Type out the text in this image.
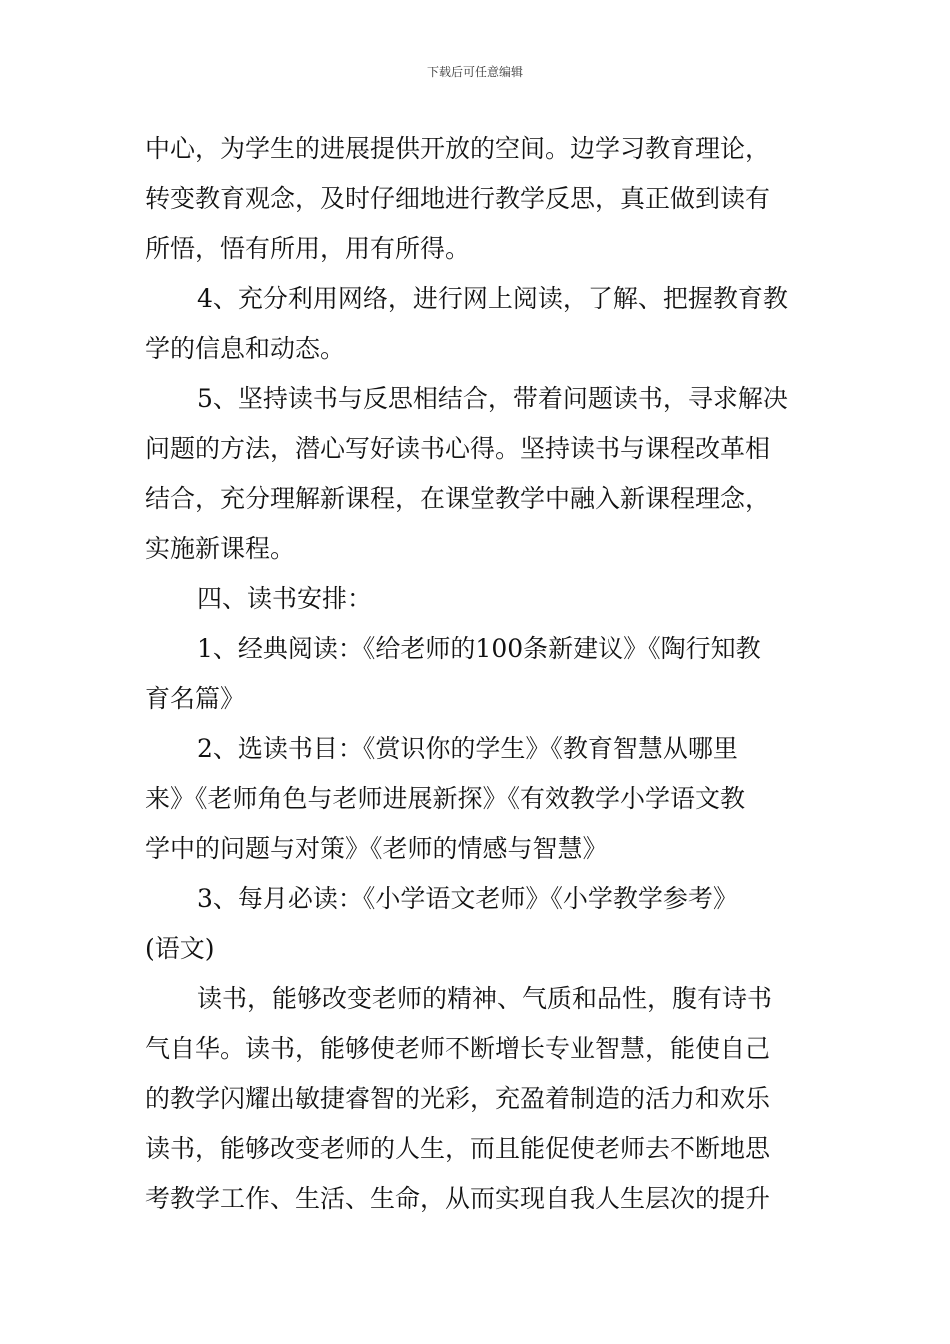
下载后可任意编辑
中心，为学生的进展提供开放的空间。边学习教育理论，
转变教育观念，及时仔细地进行教学反思，真正做到读有
所悟，悟有所用，用有所得。
4、充分利用网络，进行网上阅读，了解、把握教育教
学的信息和动态。
5、坚持读书与反思相结合，带着问题读书，寻求解决
问题的方法，潜心写好读书心得。坚持读书与课程改革相
结合，充分理解新课程，在课堂教学中融入新课程理念，
实施新课程。
四、读书安排：
1、经典阅读：《给老师的100条新建议》《陶行知教
育名篇》
2、选读书目：《赏识你的学生》《教育智慧从哪里
来》《老师角色与老师进展新探》《有效教学小学语文教
学中的问题与对策》《老师的情感与智慧》
3、每月必读：《小学语文老师》《小学教学参考》
(语文)
读书，能够改变老师的精神、气质和品性，腹有诗书
气自华。读书，能够使老师不断增长专业智慧，能使自己
的教学闪耀出敏捷睿智的光彩，充盈着制造的活力和欢乐
读书，能够改变老师的人生，而且能促使老师去不断地思
考教学工作、生活、生命，从而实现自我人生层次的提升
